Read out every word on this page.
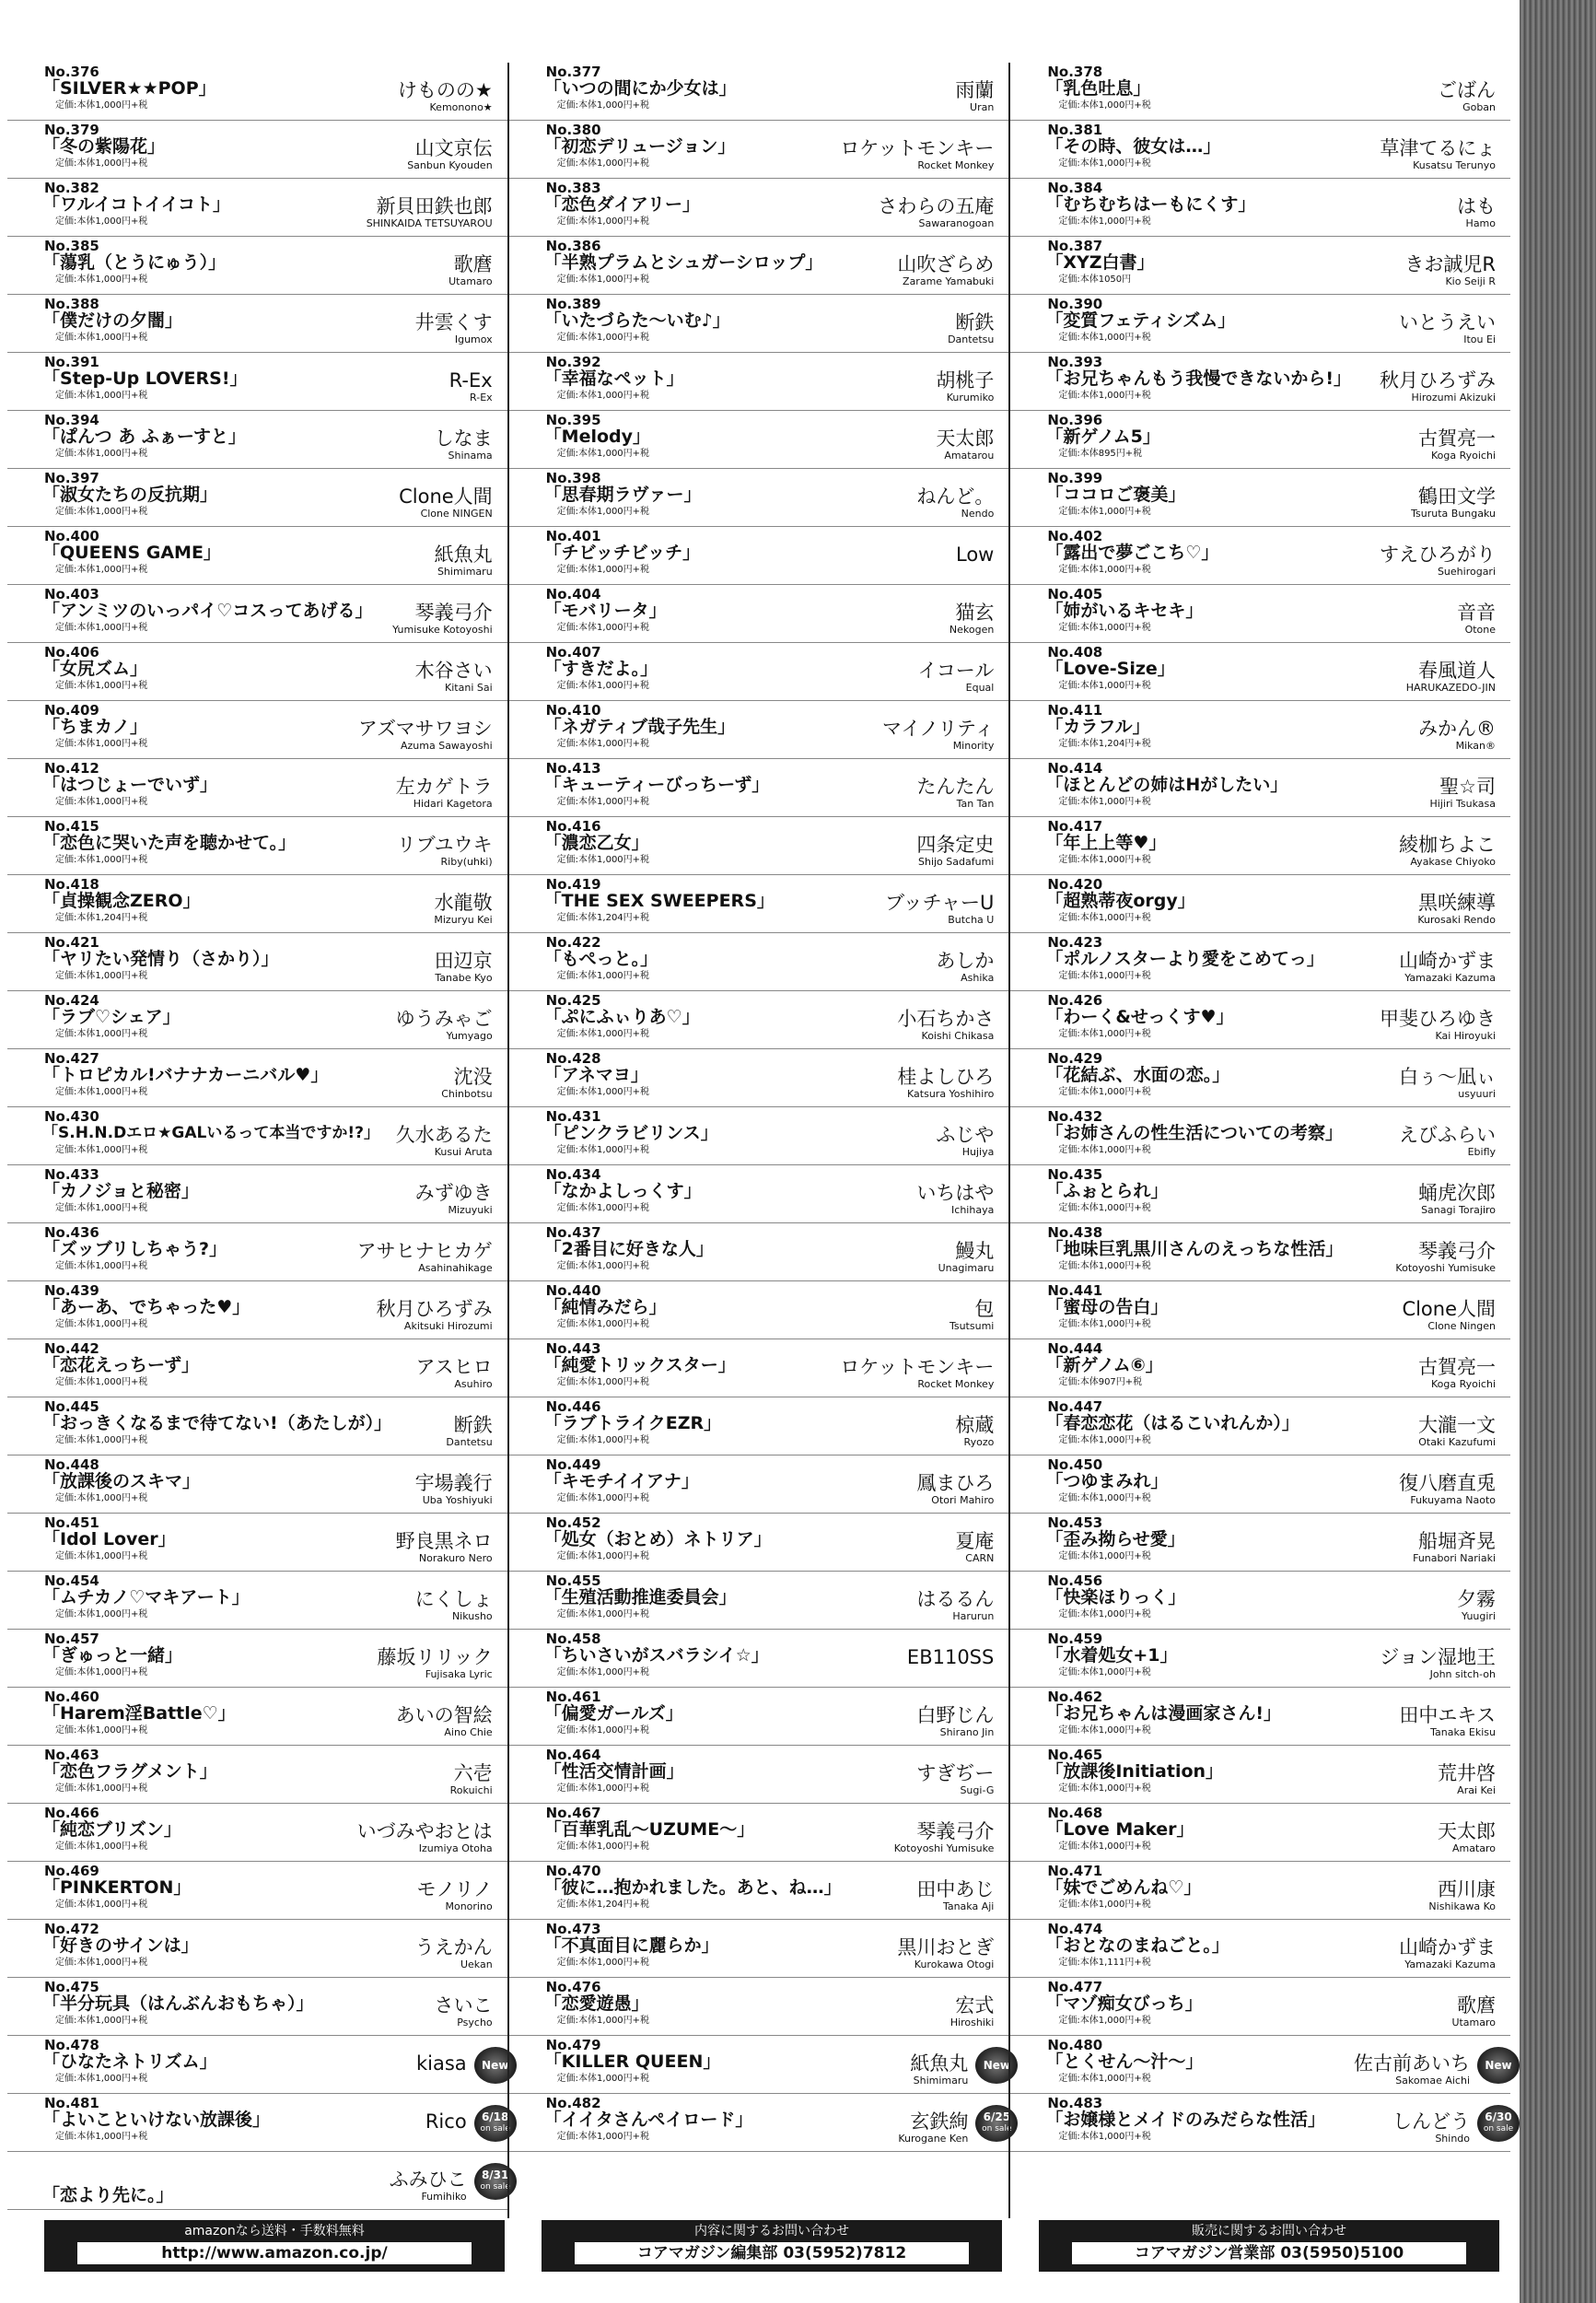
No.376
「SILVER★★POP」
定価:本体1,000円+税
けものの★
Kemonono★
No.379
「冬の紫陽花」
定価:本体1,000円+税
山文京伝
Sanbun Kyouden
No.382
「ワルイコトイイコト」
定価:本体1,000円+税
新貝田鉄也郎
SHINKAIDA TETSUYAROU
No.385
「蕩乳（とうにゅう）」
定価:本体1,000円+税
歌麿
Utamaro
No.388
「僕だけの夕闇」
定価:本体1,000円+税
井雲くす
Igumox
No.391
「Step-Up LOVERS!」
定価:本体1,000円+税
R-Ex
R-Ex
No.394
「ぱんつ あ ふぁーすと」
定価:本体1,000円+税
しなま
Shinama
No.397
「淑女たちの反抗期」
定価:本体1,000円+税
Clone人間
Clone NINGEN
No.400
「QUEENS GAME」
定価:本体1,000円+税
紙魚丸
Shimimaru
No.403
「アンミツのいっパイ♡コスってあげる」
定価:本体1,000円+税
琴義弓介
Yumisuke Kotoyoshi
No.406
「女尻ズム」
定価:本体1,000円+税
木谷さい
Kitani Sai
No.409
「ちまカノ」
定価:本体1,000円+税
アズマサワヨシ
Azuma Sawayoshi
No.412
「はつじょーでいず」
定価:本体1,000円+税
左カゲトラ
Hidari Kagetora
No.415
「恋色に哭いた声を聴かせて。」
定価:本体1,000円+税
リブユウキ
Riby(uhki)
No.418
「貞操観念ZERO」
定価:本体1,204円+税
水龍敬
Mizuryu Kei
No.421
「ヤリたい発情り（さかり）」
定価:本体1,000円+税
田辺京
Tanabe Kyo
No.424
「ラブ♡シェア」
定価:本体1,000円+税
ゆうみゃご
Yumyago
No.427
「トロピカル!バナナカーニバル♥」
定価:本体1,000円+税
沈没
Chinbotsu
No.430
「S.H.N.Dエロ★GALいるって本当ですか!?」
定価:本体1,000円+税
久水あるた
Kusui Aruta
No.433
「カノジョと秘密」
定価:本体1,000円+税
みずゆき
Mizuyuki
No.436
「ズッブリしちゃう?」
定価:本体1,000円+税
アサヒナヒカゲ
Asahinahikage
No.439
「あーあ、でちゃった♥」
定価:本体1,000円+税
秋月ひろずみ
Akitsuki Hirozumi
No.442
「恋花えっちーず」
定価:本体1,000円+税
アスヒロ
Asuhiro
No.445
「おっきくなるまで待てない!（あたしが）」
定価:本体1,000円+税
断鉄
Dantetsu
No.448
「放課後のスキマ」
定価:本体1,000円+税
宇場義行
Uba Yoshiyuki
No.451
「Idol Lover」
定価:本体1,000円+税
野良黒ネロ
Norakuro Nero
No.454
「ムチカノ♡マキアート」
定価:本体1,000円+税
にくしょ
Nikusho
No.457
「ぎゅっと一緒」
定価:本体1,000円+税
藤坂リリック
Fujisaka Lyric
No.460
「Harem淫Battle♡」
定価:本体1,000円+税
あいの智絵
Aino Chie
No.463
「恋色フラグメント」
定価:本体1,000円+税
六壱
Rokuichi
No.466
「純恋ブリズン」
定価:本体1,000円+税
いづみやおとは
Izumiya Otoha
No.469
「PINKERTON」
定価:本体1,000円+税
モノリノ
Monorino
No.472
「好きのサインは」
定価:本体1,000円+税
うえかん
Uekan
No.475
「半分玩具（はんぶんおもちゃ）」
定価:本体1,000円+税
さいこ
Psycho
No.478
「ひなたネトリズム」
定価:本体1,000円+税
kiasa New
No.481
「よいこといけない放課後」
定価:本体1,000円+税
Rico 6/18
on sale
「恋より先に。」
ふみひこ
Fumihiko
8/31
on sale
No.377
「いつの間にか少女は」
定価:本体1,000円+税
雨蘭
Uran
No.380
「初恋デリュージョン」
定価:本体1,000円+税
ロケットモンキー
Rocket Monkey
No.383
「恋色ダイアリー」
定価:本体1,000円+税
さわらの五庵
Sawaranogoan
No.386
「半熟プラムとシュガーシロップ」
定価:本体1,000円+税
山吹ざらめ
Zarame Yamabuki
No.389
「いたづらた〜いむ♪」
定価:本体1,000円+税
断鉄
Dantetsu
No.392
「幸福なペット」
定価:本体1,000円+税
胡桃子
Kurumiko
No.395
「Melody」
定価:本体1,000円+税
天太郎
Amatarou
No.398
「思春期ラヴァー」
定価:本体1,000円+税
ねんど。
Nendo
No.401
「チビッチビッチ」
定価:本体1,000円+税
Low
No.404
「モバリータ」
定価:本体1,000円+税
猫玄
Nekogen
No.407
「すきだよ。」
定価:本体1,000円+税
イコール
Equal
No.410
「ネガティブ哉子先生」
定価:本体1,000円+税
マイノリティ
Minority
No.413
「キューティーびっちーず」
定価:本体1,000円+税
たんたん
Tan Tan
No.416
「濃恋乙女」
定価:本体1,000円+税
四条定史
Shijo Sadafumi
No.419
「THE SEX SWEEPERS」
定価:本体1,204円+税
ブッチャーU
Butcha U
No.422
「もぺっと。」
定価:本体1,000円+税
あしか
Ashika
No.425
「ぷにふぃりあ♡」
定価:本体1,000円+税
小石ちかさ
Koishi Chikasa
No.428
「アネマヨ」
定価:本体1,000円+税
桂よしひろ
Katsura Yoshihiro
No.431
「ピンクラビリンス」
定価:本体1,000円+税
ふじや
Hujiya
No.434
「なかよしっくす」
定価:本体1,000円+税
いちはや
Ichihaya
No.437
「2番目に好きな人」
定価:本体1,000円+税
鰻丸
Unagimaru
No.440
「純情みだら」
定価:本体1,000円+税
包
Tsutsumi
No.443
「純愛トリックスター」
定価:本体1,000円+税
ロケットモンキー
Rocket Monkey
No.446
「ラブトライクEZR」
定価:本体1,000円+税
椋蔵
Ryozo
No.449
「キモチイイアナ」
定価:本体1,000円+税
鳳まひろ
Otori Mahiro
No.452
「処女（おとめ）ネトリア」
定価:本体1,000円+税
夏庵
CARN
No.455
「生殖活動推進委員会」
定価:本体1,000円+税
はるるん
Harurun
No.458
「ちいさいがスバラシイ☆」
定価:本体1,000円+税
EB110SS
No.461
「偏愛ガールズ」
定価:本体1,000円+税
白野じん
Shirano Jin
No.464
「性活交情計画」
定価:本体1,000円+税
すぎぢー
Sugi-G
No.467
「百華乳乱〜UZUME〜」
定価:本体1,000円+税
琴義弓介
Kotoyoshi Yumisuke
No.470
「彼に…抱かれました。あと、ね…」
定価:本体1,204円+税
田中あじ
Tanaka Aji
No.473
「不真面目に麗らか」
定価:本体1,000円+税
黒川おとぎ
Kurokawa Otogi
No.476
「恋愛遊愚」
定価:本体1,000円+税
宏式
Hiroshiki
No.479
「KILLER QUEEN」
定価:本体1,000円+税
紙魚丸
Shimimaru
New
No.482
「イイタさんペイロード」
定価:本体1,000円+税
玄鉄絢
Kurogane Ken
6/25
on sale
No.378
「乳色吐息」
定価:本体1,000円+税
ごばん
Goban
No.381
「その時、彼女は…」
定価:本体1,000円+税
草津てるにょ
Kusatsu Terunyo
No.384
「むちむちはーもにくす」
定価:本体1,000円+税
はも
Hamo
No.387
「XYZ白書」
定価:本体1050円
きお誠児R
Kio Seiji R
No.390
「変質フェティシズム」
定価:本体1,000円+税
いとうえい
Itou Ei
No.393
「お兄ちゃんもう我慢できないから!」
定価:本体1,000円+税
秋月ひろずみ
Hirozumi Akizuki
No.396
「新ゲノム5」
定価:本体895円+税
古賀亮一
Koga Ryoichi
No.399
「ココロご褒美」
定価:本体1,000円+税
鶴田文学
Tsuruta Bungaku
No.402
「露出で夢ごこち♡」
定価:本体1,000円+税
すえひろがり
Suehirogari
No.405
「姉がいるキセキ」
定価:本体1,000円+税
音音
Otone
No.408
「Love-Size」
定価:本体1,000円+税
春風道人
HARUKAZEDO-JIN
No.411
「カラフル」
定価:本体1,204円+税
みかん®
Mikan®
No.414
「ほとんどの姉はHがしたい」
定価:本体1,000円+税
聖☆司
Hijiri Tsukasa
No.417
「年上上等♥」
定価:本体1,000円+税
綾枷ちよこ
Ayakase Chiyoko
No.420
「超熟蒂夜orgy」
定価:本体1,000円+税
黒咲練導
Kurosaki Rendo
No.423
「ポルノスターより愛をこめてっ」
定価:本体1,000円+税
山崎かずま
Yamazaki Kazuma
No.426
「わーく&せっくす♥」
定価:本体1,000円+税
甲斐ひろゆき
Kai Hiroyuki
No.429
「花結ぶ、水面の恋。」
定価:本体1,000円+税
白ぅ〜凪ぃ
usyuuri
No.432
「お姉さんの性生活についての考察」
定価:本体1,000円+税
えびふらい
Ebifly
No.435
「ふぉとられ」
定価:本体1,000円+税
蛹虎次郎
Sanagi Torajiro
No.438
「地味巨乳黒川さんのえっちな性活」
定価:本体1,000円+税
琴義弓介
Kotoyoshi Yumisuke
No.441
「蜜母の告白」
定価:本体1,000円+税
Clone人間
Clone Ningen
No.444
「新ゲノム⑥」
定価:本体907円+税
古賀亮一
Koga Ryoichi
No.447
「春恋恋花（はるこいれんか）」
定価:本体1,000円+税
大瀧一文
Otaki Kazufumi
No.450
「つゆまみれ」
定価:本体1,000円+税
復八磨直兎
Fukuyama Naoto
No.453
「歪み拗らせ愛」
定価:本体1,000円+税
船堀斉晃
Funabori Nariaki
No.456
「快楽ほりっく」
定価:本体1,000円+税
夕霧
Yuugiri
No.459
「水着処女+1」
定価:本体1,000円+税
ジョン湿地王
John sitch-oh
No.462
「お兄ちゃんは漫画家さん!」
定価:本体1,000円+税
田中エキス
Tanaka Ekisu
No.465
「放課後Initiation」
定価:本体1,000円+税
荒井啓
Arai Kei
No.468
「Love Maker」
定価:本体1,000円+税
天太郎
Amataro
No.471
「妹でごめんね♡」
定価:本体1,000円+税
西川康
Nishikawa Ko
No.474
「おとなのまねごと。」
定価:本体1,111円+税
山崎かずま
Yamazaki Kazuma
No.477
「マゾ痴女びっち」
定価:本体1,000円+税
歌麿
Utamaro
No.480
「とくせん〜汁〜」
定価:本体1,000円+税
佐古前あいち
Sakomae Aichi
New
No.483
「お嬢様とメイドのみだらな性活」
定価:本体1,000円+税
しんどう
Shindo
6/30
on sale
amazonなら送料・手数料無料
http://www.amazon.co.jp/
内容に関するお問い合わせ
コアマガジン編集部 03(5952)7812
販売に関するお問い合わせ
コアマガジン営業部 03(5950)5100
